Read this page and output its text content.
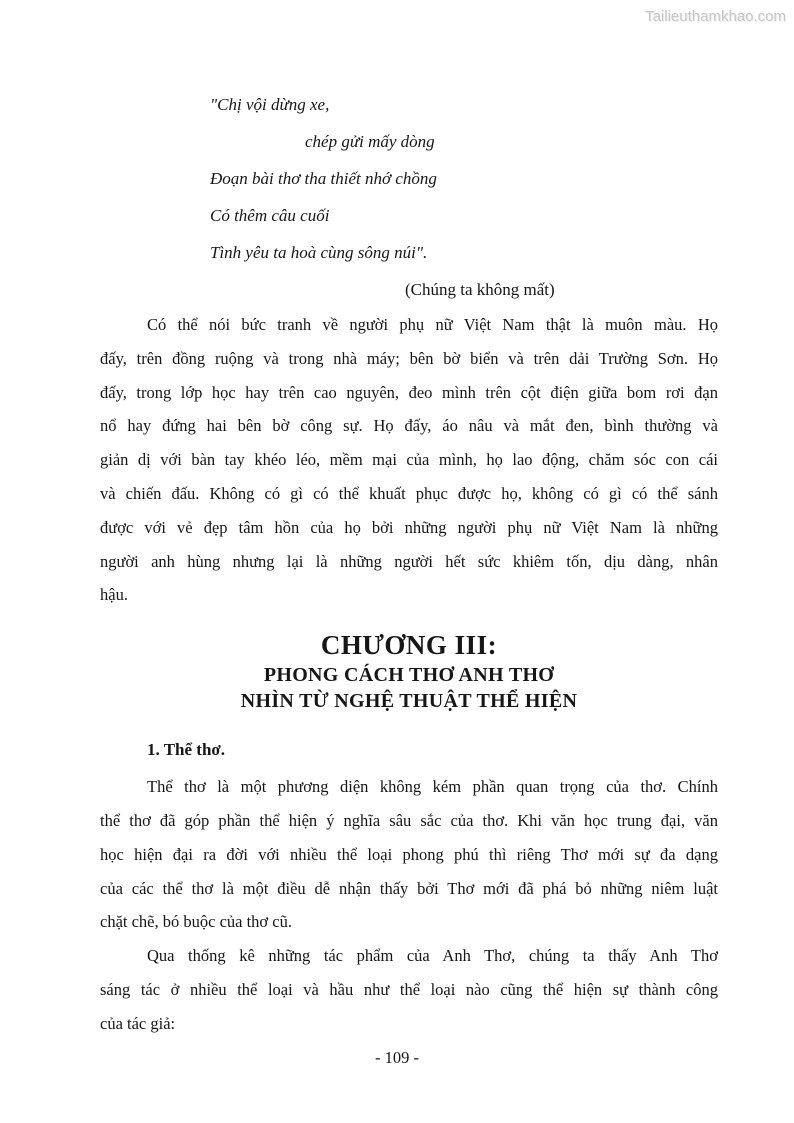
Tailieuthamkhao.com
"Chị vội dừng xe,
chép gửi mấy dòng
Đoạn bài thơ tha thiết nhớ chồng
Có thêm câu cuối
Tình yêu ta hoà cùng sông núi".
(Chúng ta không mất)
Có thể nói bức tranh về người phụ nữ Việt Nam thật là muôn màu. Họ
đấy, trên đồng ruộng và trong nhà máy; bên bờ biển và trên dải Trường Sơn. Họ
đấy, trong lớp học hay trên cao nguyên, đeo mình trên cột điện giữa bom rơi đạn
nổ hay đứng hai bên bờ công sự. Họ đấy, áo nâu và mắt đen, bình thường và
giản dị với bàn tay khéo léo, mềm mại của mình, họ lao động, chăm sóc con cái
và chiến đấu. Không có gì có thể khuất phục được họ, không có gì có thể sánh
được với vẻ đẹp tâm hồn của họ bởi những người phụ nữ Việt Nam là những
người anh hùng nhưng lại là những người hết sức khiêm tốn, dịu dàng, nhân
hậu.
CHƯƠNG III:
PHONG CÁCH THƠ ANH THƠ
NHÌN TỪ NGHỆ THUẬT THỂ HIỆN
1. Thể thơ.
Thể thơ là một phương diện không kém phần quan trọng của thơ. Chính
thể thơ đã góp phần thể hiện ý nghĩa sâu sắc của thơ. Khi văn học trung đại, văn
học hiện đại ra đời với nhiều thể loại phong phú thì riêng Thơ mới sự đa dạng
của các thể thơ là một điều dễ nhận thấy bởi Thơ mới đã phá bỏ những niêm luật
chặt chẽ, bó buộc của thơ cũ.
Qua thống kê những tác phẩm của Anh Thơ, chúng ta thấy Anh Thơ
sáng tác ở nhiều thể loại và hầu như thể loại nào cũng thể hiện sự thành công
của tác giả:
- 109 -
